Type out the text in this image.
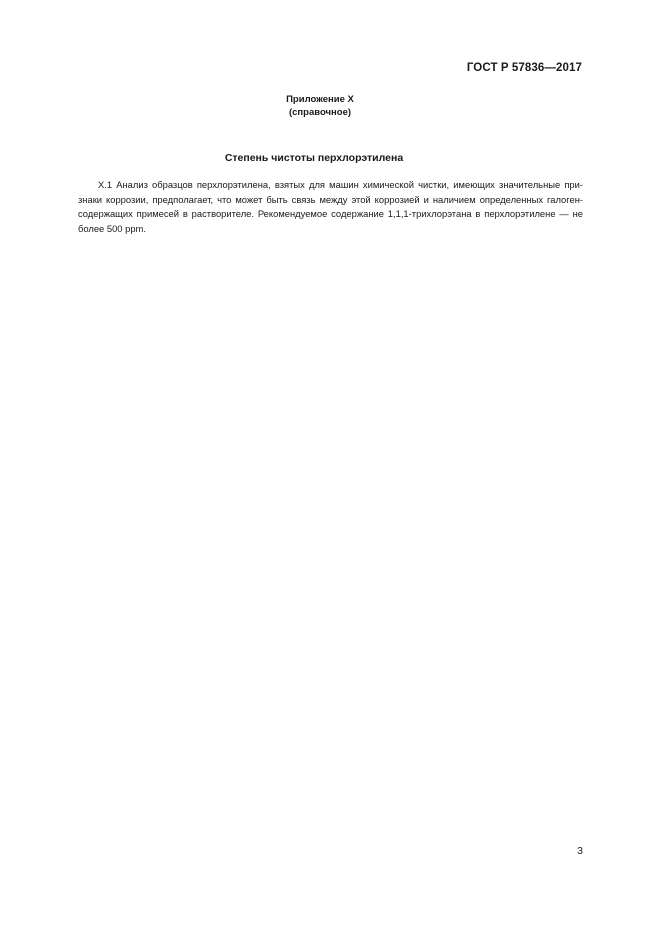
ГОСТ Р 57836—2017
Приложение Х
(справочное)
Степень чистоты перхлорэтилена
Х.1 Анализ образцов перхлорэтилена, взятых для машин химической чистки, имеющих значительные при-
знаки коррозии, предполагает, что может быть связь между этой коррозией и наличием определенных галоген-
содержащих примесей в растворителе. Рекомендуемое содержание 1,1,1-трихлорэтана в перхлорэтилене — не
более 500 ppm.
3
